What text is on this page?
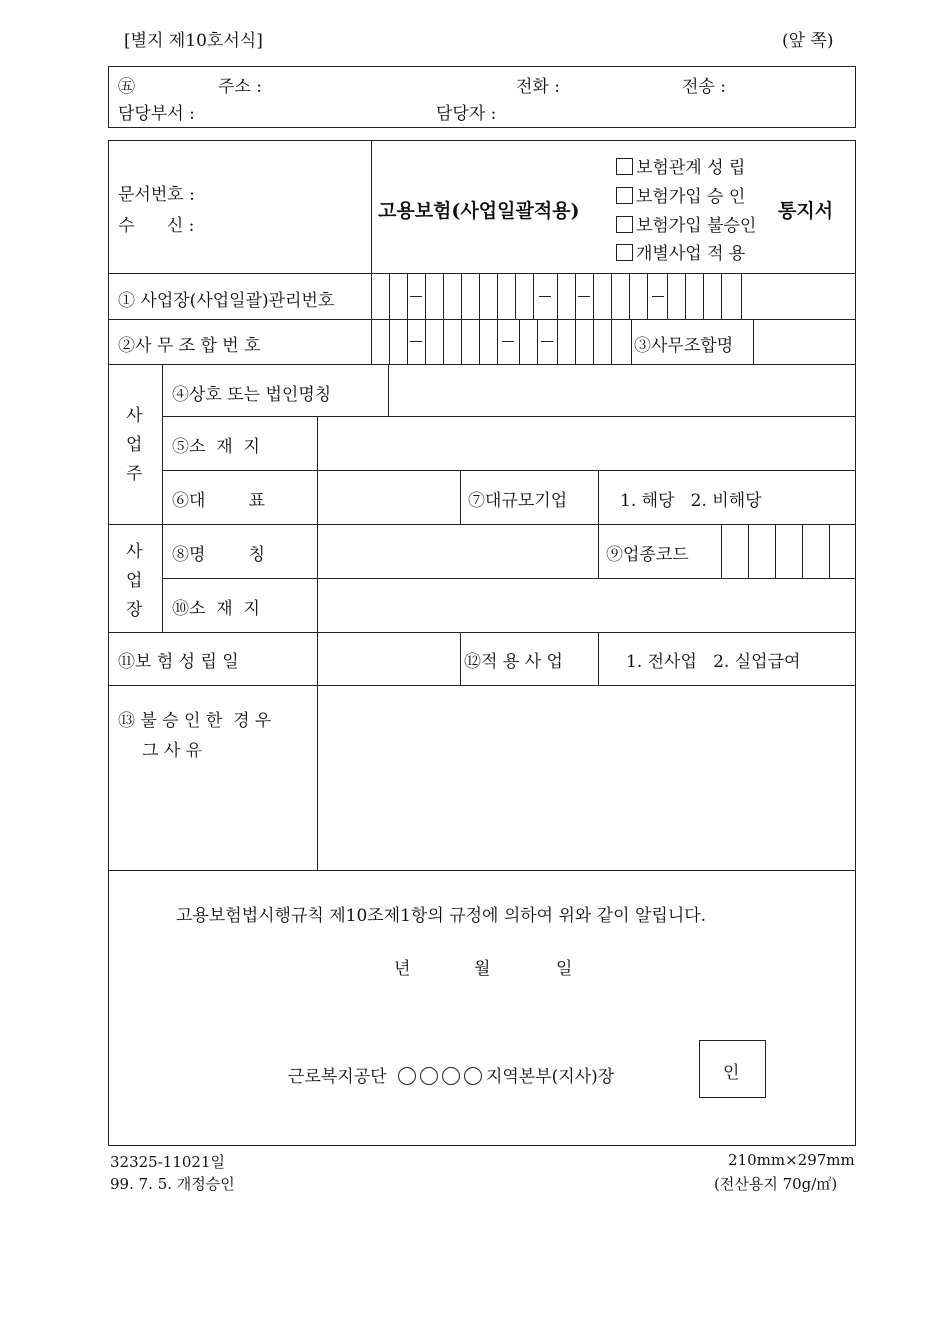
[별지 제10호서식]	(앞 쪽)
㊄	주소 :	전화 :	전송 :
담당부서 :	담당자 :
문서번호 :
수      신 :
고용보험(사업일괄적용)
보험관계 성 립
보험가입 승 인
보험가입 불승인
개별사업 적 용
통지서
① 사업장(사업일괄)관리번호
②사 무 조 합 번 호	③사무조합명
사
업
주
④상호 또는 법인명칭
⑤소  재  지
⑥대        표	⑦대규모기업	1. 해당   2. 비해당
사
업
장
⑧명        칭	⑨업종코드
⑩소  재  지
⑪보 험 성 립 일	⑫적 용 사 업	1. 전사업   2. 실업급여
⑬ 불 승 인 한  경 우
그 사 유
고용보험법시행규칙 제10조제1항의 규정에 의하여 위와 같이 알립니다.
년	월	일
근로복지공단	지역본부(지사)장	인
32325-11021일
99. 7. 5. 개정승인
210mm×297mm
(전산용지 70g/㎡)
